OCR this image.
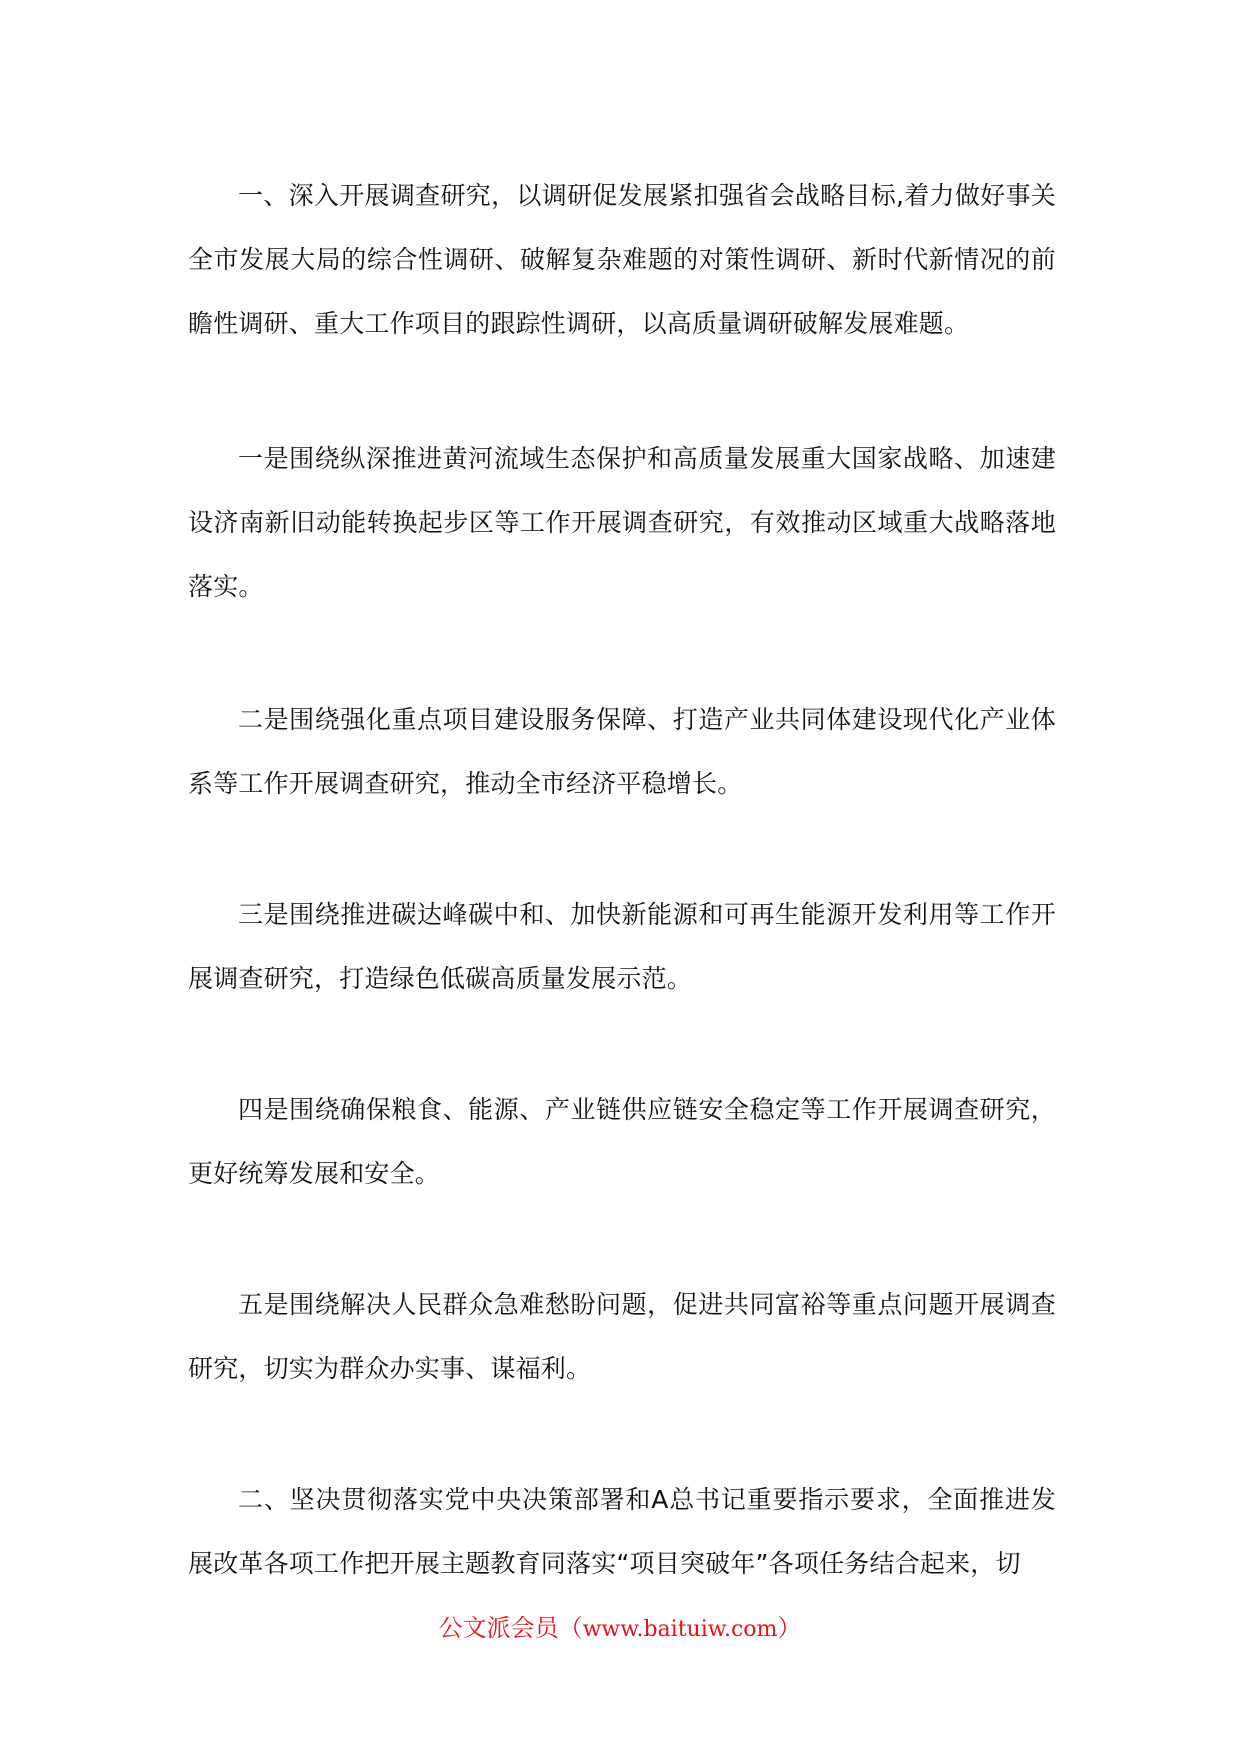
一、深入开展调查研究，以调研促发展紧扣强省会战略目标,着力做好事关全市发展大局的综合性调研、破解复杂难题的对策性调研、新时代新情况的前瞻性调研、重大工作项目的跟踪性调研，以高质量调研破解发展难题。

一是围绕纵深推进黄河流域生态保护和高质量发展重大国家战略、加速建设济南新旧动能转换起步区等工作开展调查研究，有效推动区域重大战略落地落实。

二是围绕强化重点项目建设服务保障、打造产业共同体建设现代化产业体系等工作开展调查研究，推动全市经济平稳增长。

三是围绕推进碳达峰碳中和、加快新能源和可再生能源开发利用等工作开展调查研究，打造绿色低碳高质量发展示范。

四是围绕确保粮食、能源、产业链供应链安全稳定等工作开展调查研究，更好统筹发展和安全。

五是围绕解决人民群众急难愁盼问题，促进共同富裕等重点问题开展调查研究，切实为群众办实事、谋福利。

二、坚决贯彻落实党中央决策部署和A总书记重要指示要求，全面推进发展改革各项工作把开展主题教育同落实“项目突破年”各项任务结合起来，切

公文派会员（www.baituiw.com）
